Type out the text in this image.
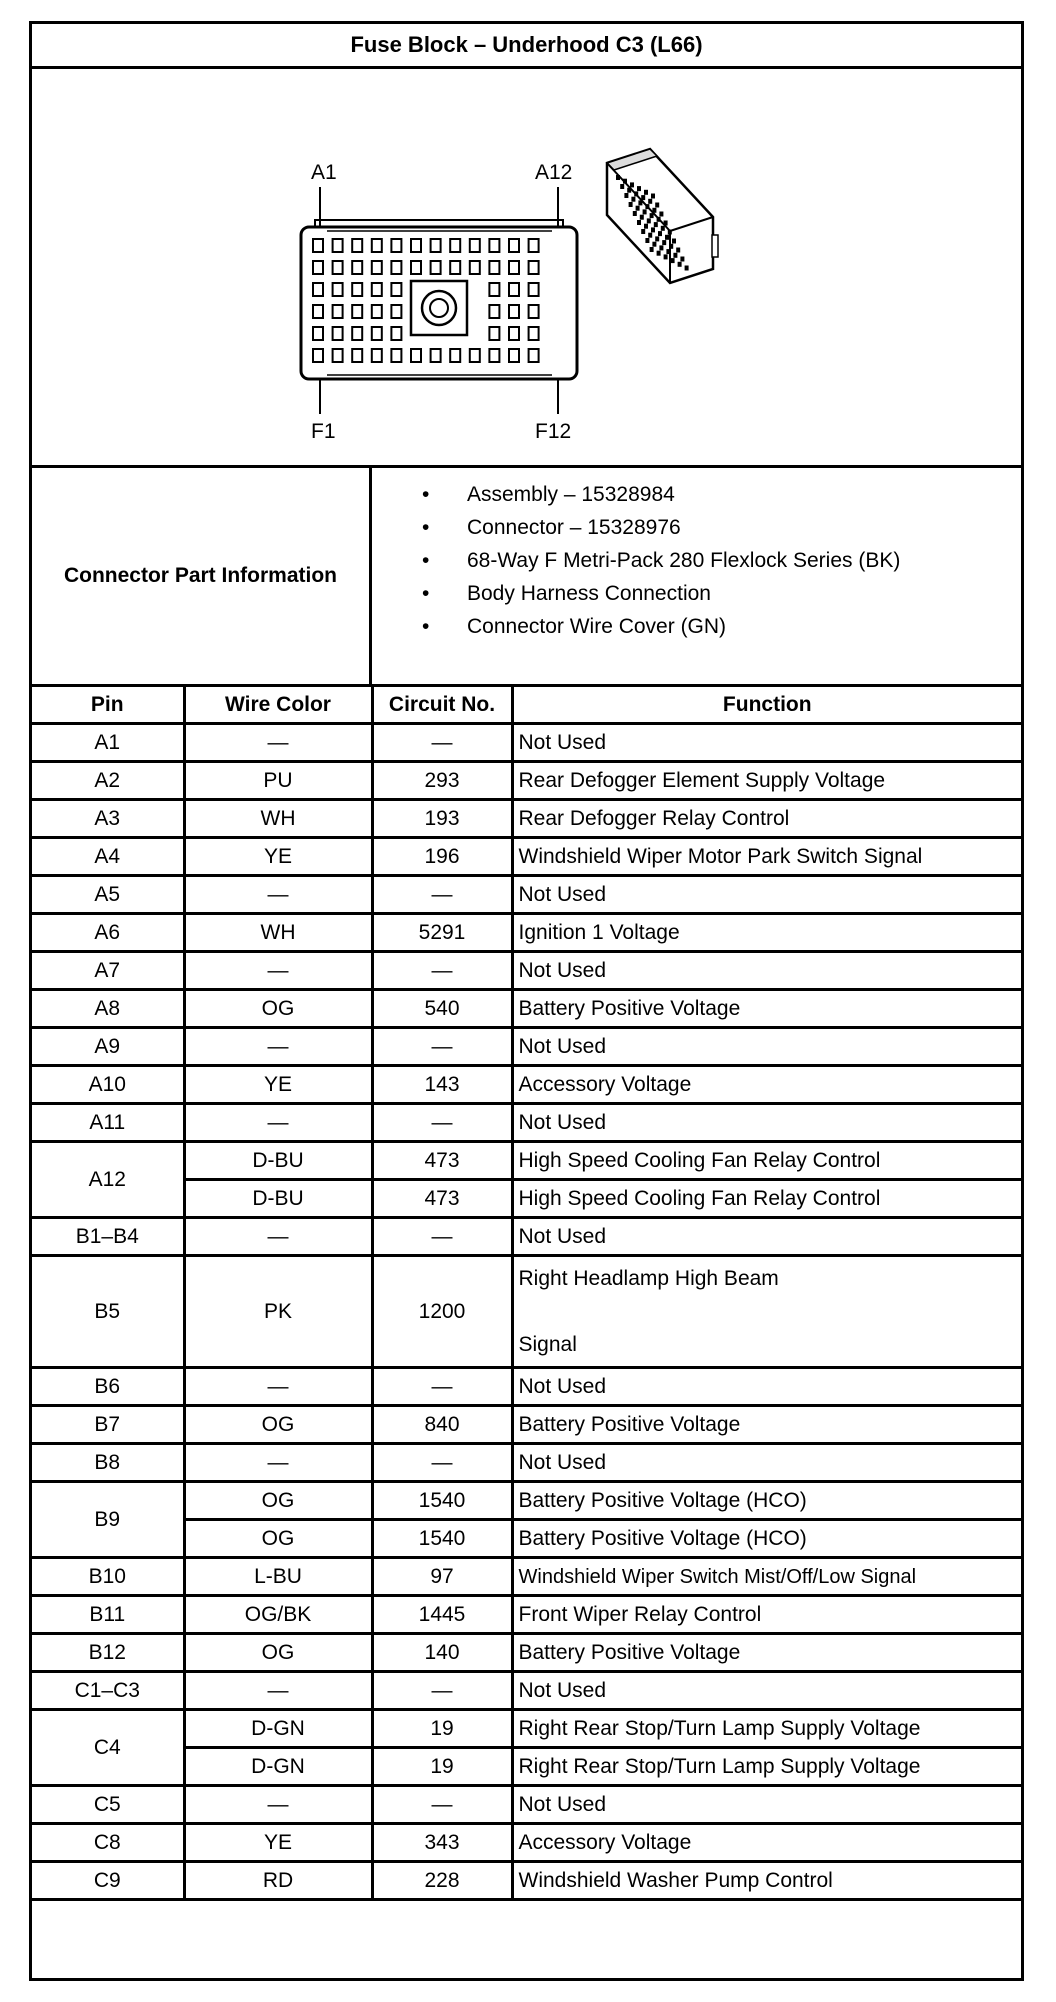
Fuse Block – Underhood C3 (L66)
A1	A12
F1	F12
Connector Part Information
• Assembly – 15328984
• Connector – 15328976
• 68-Way F Metri-Pack 280 Flexlock Series (BK)
• Body Harness Connection
• Connector Wire Cover (GN)
Pin	Wire Color	Circuit No.	Function
A1	—	—	Not Used
A2	PU	293	Rear Defogger Element Supply Voltage
A3	WH	193	Rear Defogger Relay Control
A4	YE	196	Windshield Wiper Motor Park Switch Signal
A5	—	—	Not Used
A6	WH	5291	Ignition 1 Voltage
A7	—	—	Not Used
A8	OG	540	Battery Positive Voltage
A9	—	—	Not Used
A10	YE	143	Accessory Voltage
A11	—	—	Not Used
A12	D-BU	473	High Speed Cooling Fan Relay Control
	D-BU	473	High Speed Cooling Fan Relay Control
B1–B4	—	—	Not Used
B5	PK	1200	Right Headlamp High Beam
Signal

B6	—	—	Not Used
B7	OG	840	Battery Positive Voltage
B8	—	—	Not Used
B9	OG	1540	Battery Positive Voltage (HCO)
	OG	1540	Battery Positive Voltage (HCO)
B10	L-BU	97	Windshield Wiper Switch Mist/Off/Low Signal
B11	OG/BK	1445	Front Wiper Relay Control
B12	OG	140	Battery Positive Voltage
C1–C3	—	—	Not Used
C4	D-GN	19	Right Rear Stop/Turn Lamp Supply Voltage
	D-GN	19	Right Rear Stop/Turn Lamp Supply Voltage
C5	—	—	Not Used
C8	YE	343	Accessory Voltage
C9	RD	228	Windshield Washer Pump Control
